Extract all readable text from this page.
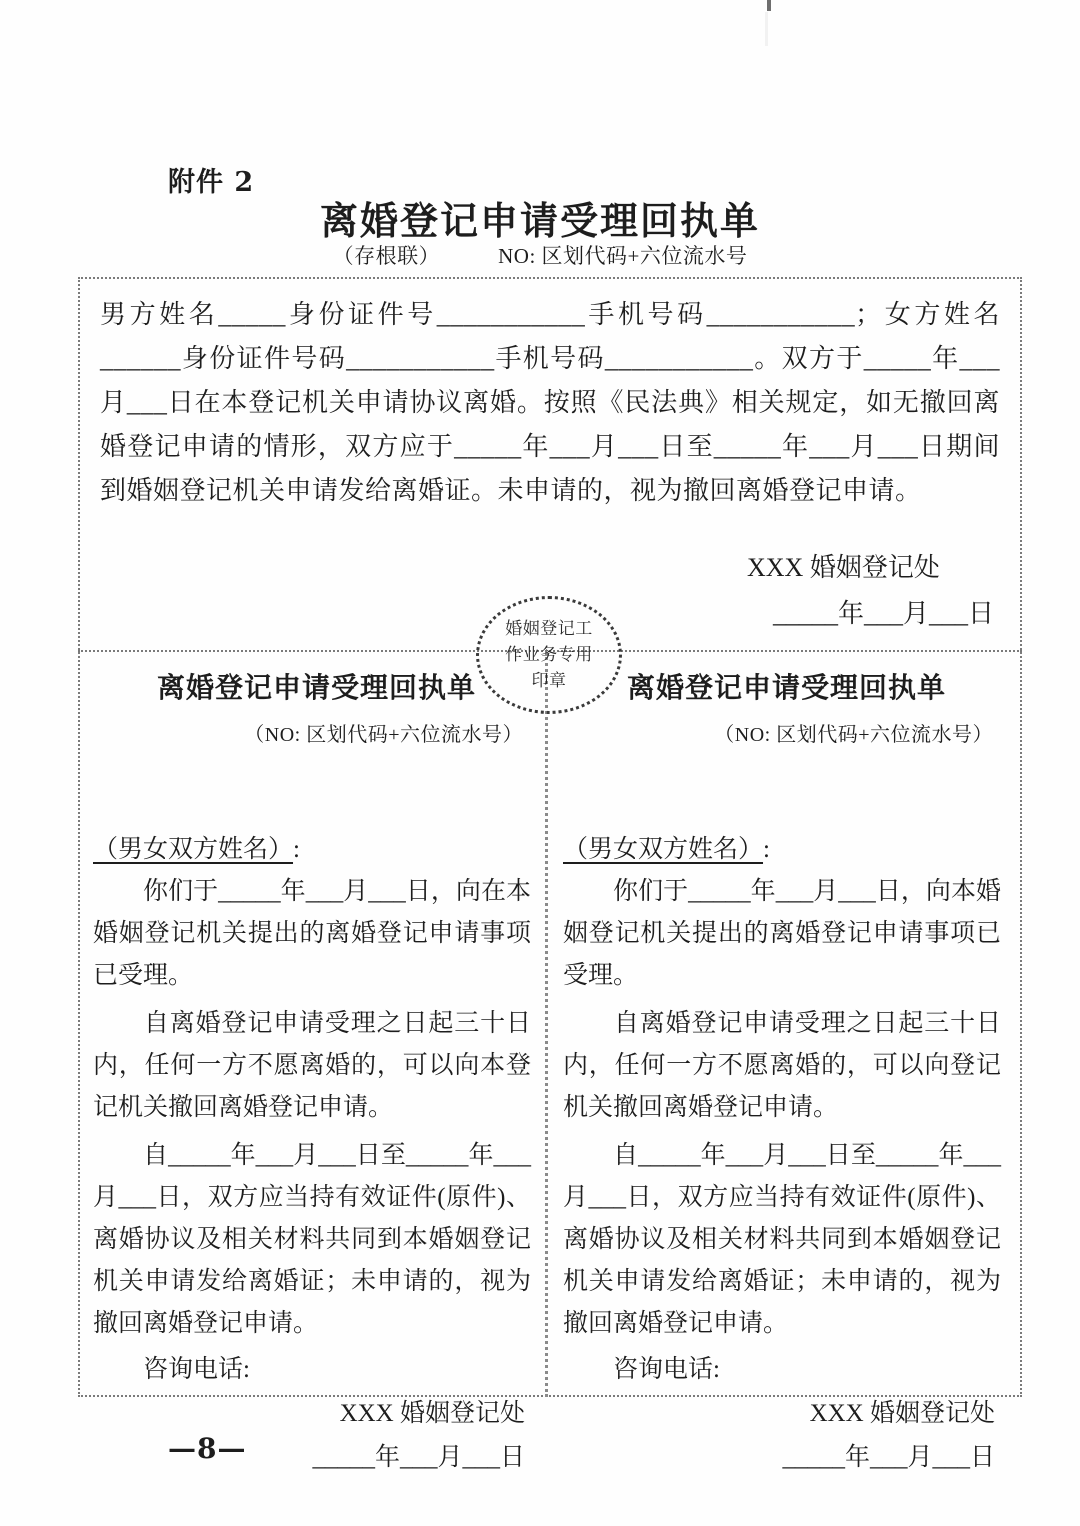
附件 2
离婚登记申请受理回执单
（存根联）	NO: 区划代码+六位流水号
男方姓名_____身份证件号___________手机号码___________；女方姓名______身份证件号码___________手机号码___________。双方于_____年___月___日在本登记机关申请协议离婚。按照《民法典》相关规定，如无撤回离婚登记申请的情形，双方应于_____年___月___日至_____年___月___日期间到婚姻登记机关申请发给离婚证。未申请的，视为撤回离婚登记申请。
XXX 婚姻登记处
_____年___月___日
婚姻登记工
作业务专用
印章
离婚登记申请受理回执单
（NO: 区划代码+六位流水号）
（男女双方姓名）:
你们于_____年___月___日，向在本婚姻登记机关提出的离婚登记申请事项已受理。
自离婚登记申请受理之日起三十日内，任何一方不愿离婚的，可以向本登记机关撤回离婚登记申请。
自_____年___月___日至_____年___月___日，双方应当持有效证件(原件)、离婚协议及相关材料共同到本婚姻登记机关申请发给离婚证；未申请的，视为撤回离婚登记申请。
咨询电话:
XXX 婚姻登记处
_____年___月___日
离婚登记申请受理回执单
（NO: 区划代码+六位流水号）
（男女双方姓名）:
你们于_____年___月___日，向本婚姻登记机关提出的离婚登记申请事项已受理。
自离婚登记申请受理之日起三十日内，任何一方不愿离婚的，可以向登记机关撤回离婚登记申请。
自_____年___月___日至_____年___月___日，双方应当持有效证件(原件)、离婚协议及相关材料共同到本婚姻登记机关申请发给离婚证；未申请的，视为撤回离婚登记申请。
咨询电话:
XXX 婚姻登记处
_____年___月___日
—8—
